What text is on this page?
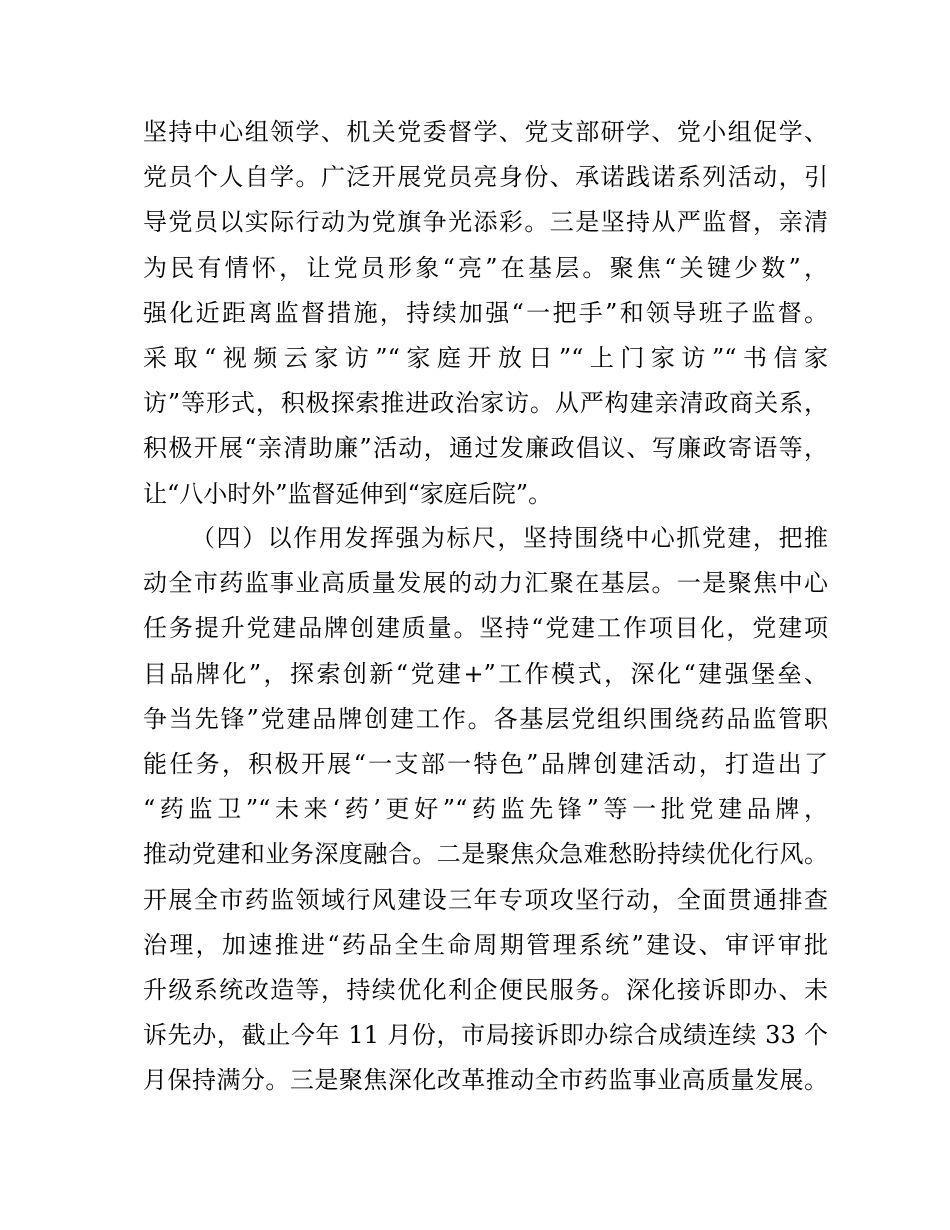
坚持中心组领学、机关党委督学、党支部研学、党小组促学、
党员个人自学。广泛开展党员亮身份、承诺践诺系列活动，引
导党员以实际行动为党旗争光添彩。三是坚持从严监督，亲清
为民有情怀，让党员形象“亮”在基层。聚焦“关键少数”，
强化近距离监督措施，持续加强“一把手”和领导班子监督。
采取“视频云家访”“家庭开放日”“上门家访”“书信家
访”等形式，积极探索推进政治家访。从严构建亲清政商关系，
积极开展“亲清助廉”活动，通过发廉政倡议、写廉政寄语等，
让“八小时外”监督延伸到“家庭后院”。
（四）以作用发挥强为标尺，坚持围绕中心抓党建，把推
动全市药监事业高质量发展的动力汇聚在基层。一是聚焦中心
任务提升党建品牌创建质量。坚持“党建工作项目化，党建项
目品牌化”，探索创新“党建+”工作模式，深化“建强堡垒、
争当先锋”党建品牌创建工作。各基层党组织围绕药品监管职
能任务，积极开展“一支部一特色”品牌创建活动，打造出了
“药监卫”“未来‘药’更好”“药监先锋”等一批党建品牌，
推动党建和业务深度融合。二是聚焦众急难愁盼持续优化行风。
开展全市药监领域行风建设三年专项攻坚行动，全面贯通排查
治理，加速推进“药品全生命周期管理系统”建设、审评审批
升级系统改造等，持续优化利企便民服务。深化接诉即办、未
诉先办，截止今年 11 月份，市局接诉即办综合成绩连续 33 个
月保持满分。三是聚焦深化改革推动全市药监事业高质量发展。
